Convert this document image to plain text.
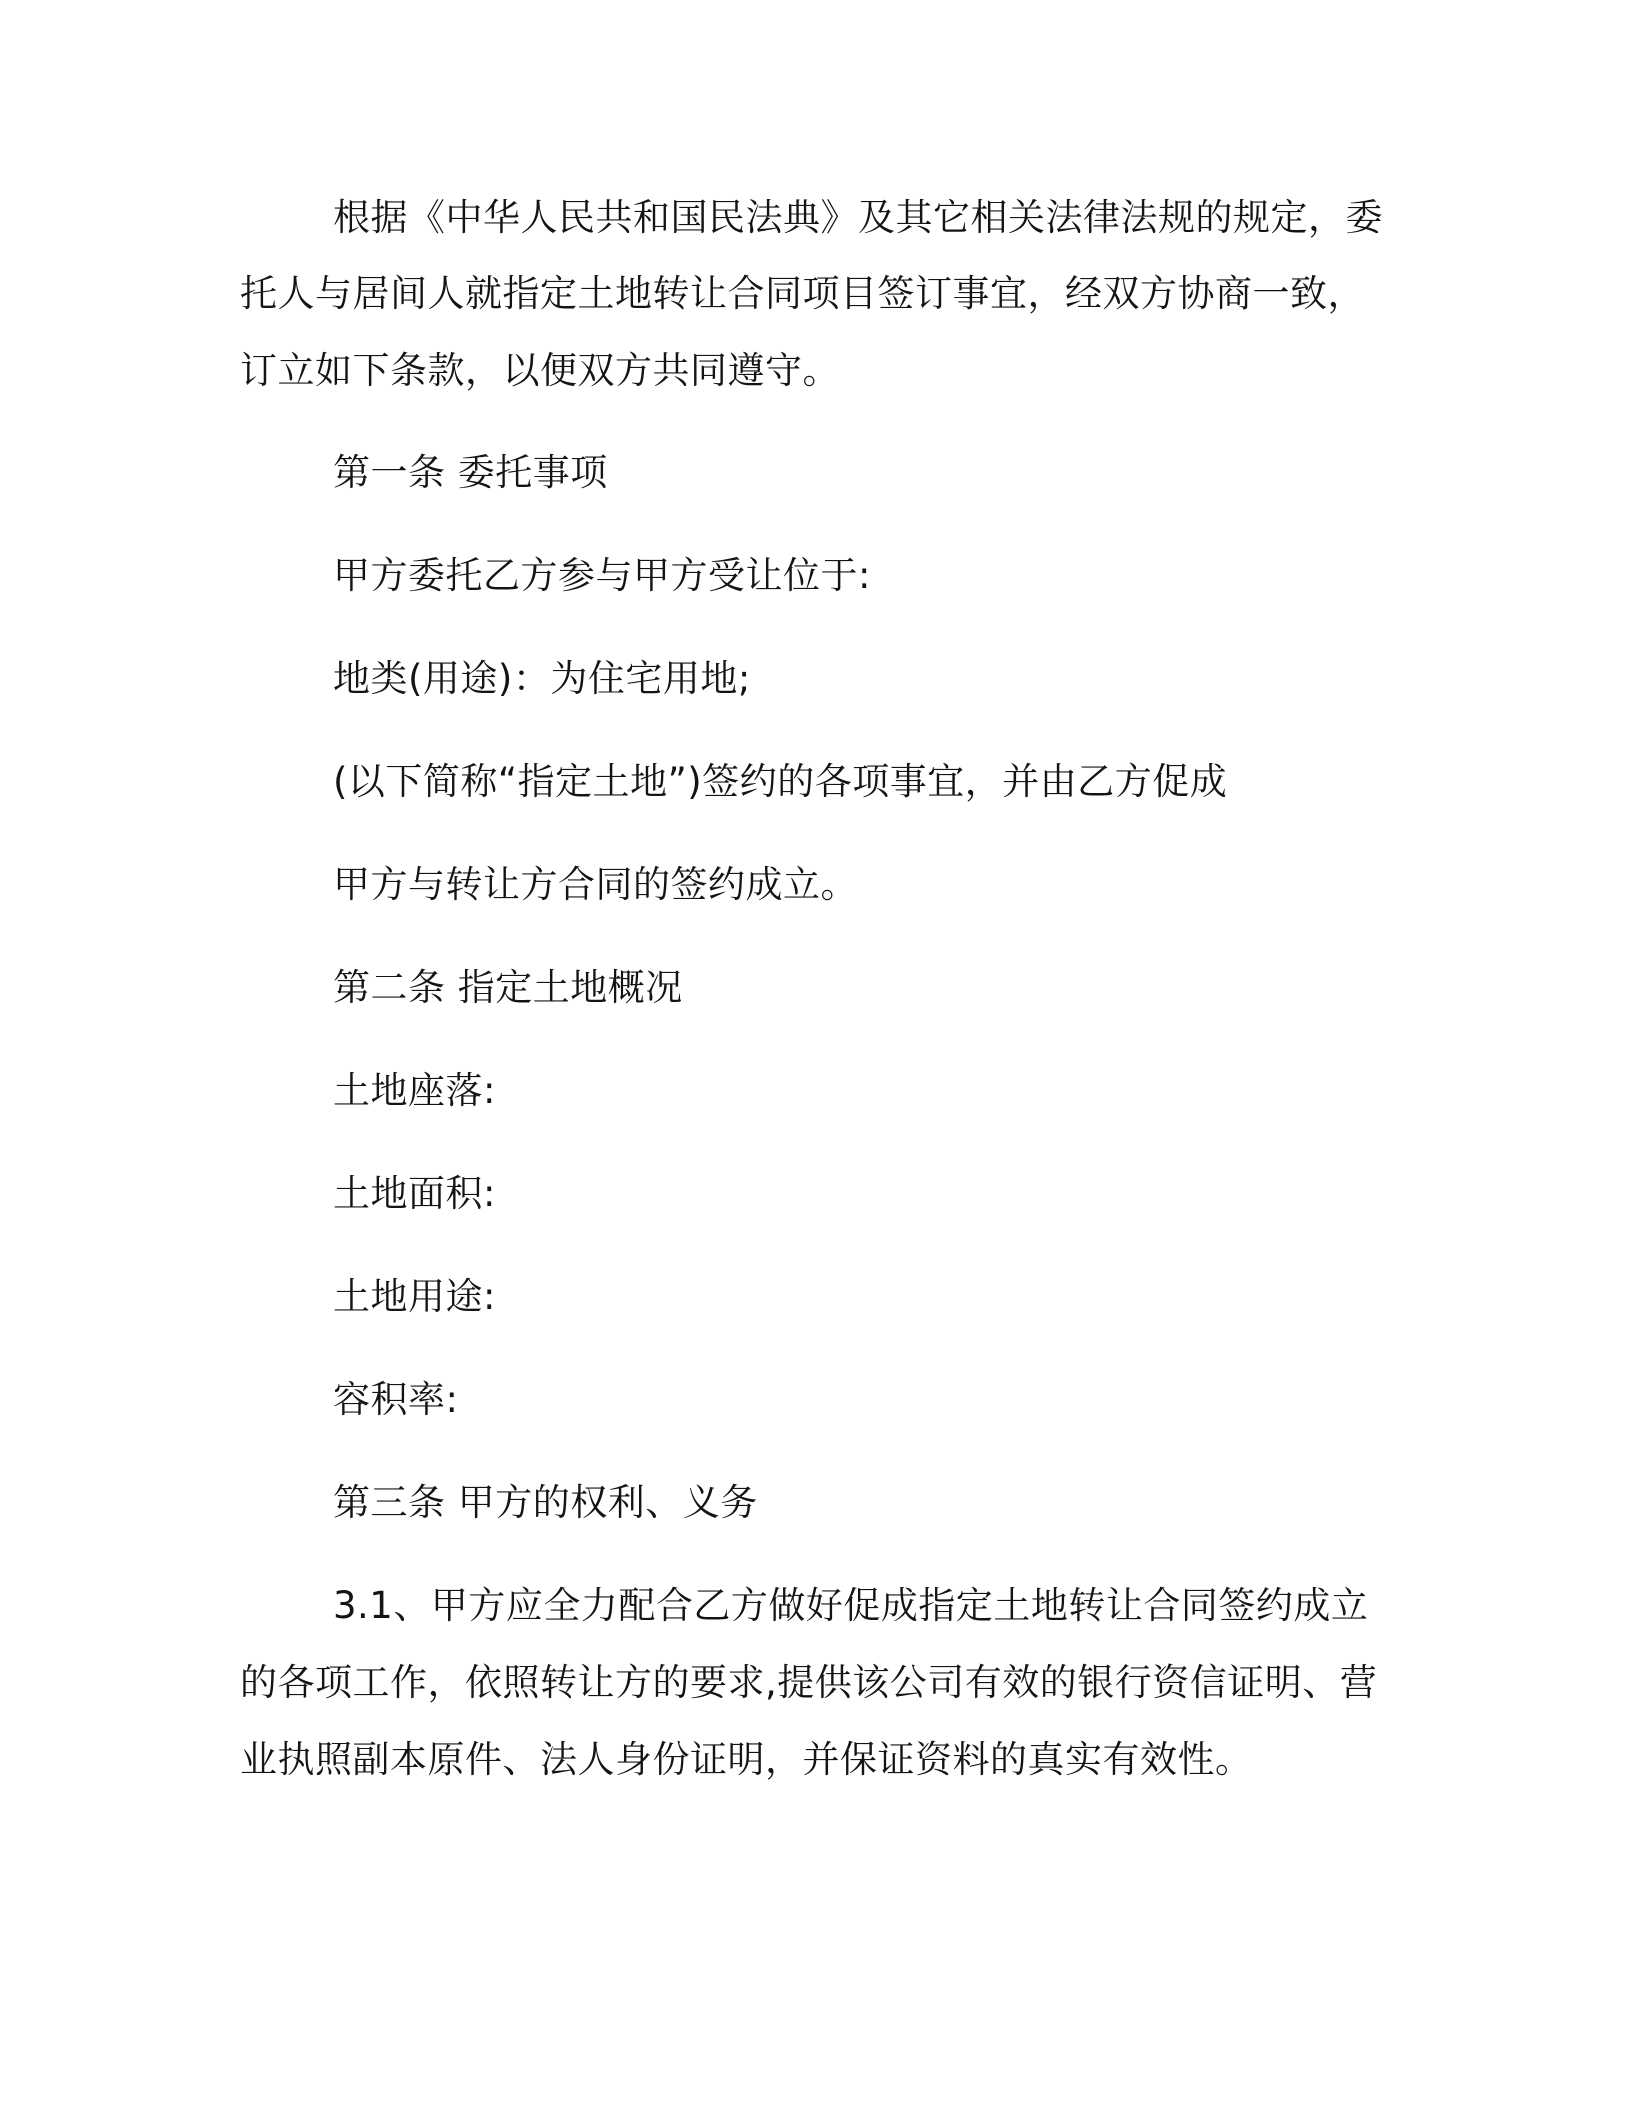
根据《中华人民共和国民法典》及其它相关法律法规的规定，委
托人与居间人就指定土地转让合同项目签订事宜，经双方协商一致，
订立如下条款，以便双方共同遵守。
第一条 委托事项
甲方委托乙方参与甲方受让位于:
地类(用途)：为住宅用地;
(以下简称“指定土地”)签约的各项事宜，并由乙方促成
甲方与转让方合同的签约成立。
第二条 指定土地概况
土地座落:
土地面积:
土地用途:
容积率:
第三条 甲方的权利、义务
3.1、甲方应全力配合乙方做好促成指定土地转让合同签约成立
的各项工作，依照转让方的要求,提供该公司有效的银行资信证明、营
业执照副本原件、法人身份证明，并保证资料的真实有效性。
